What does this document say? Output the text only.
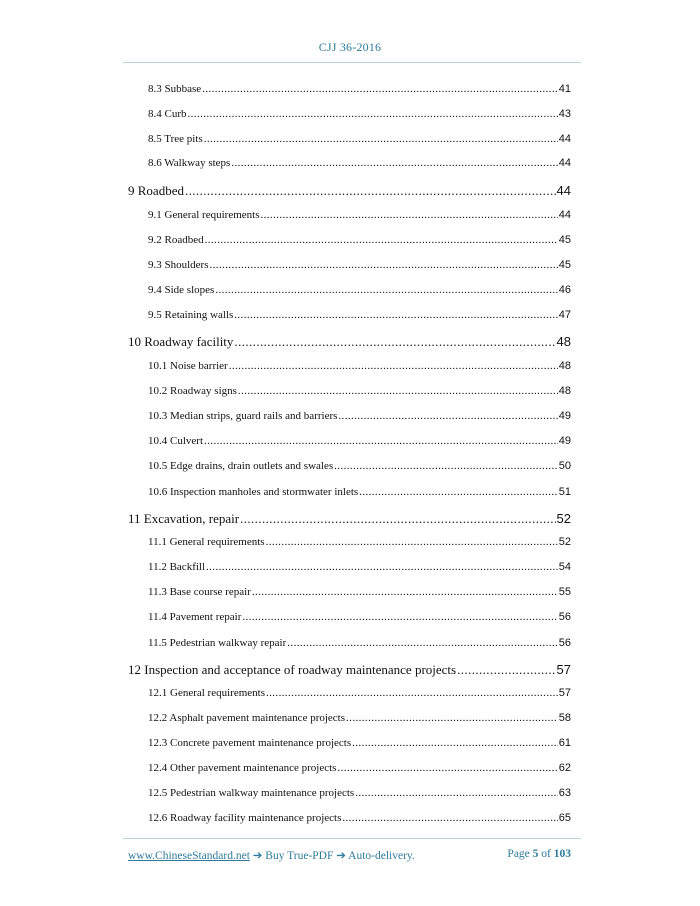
CJJ 36-2016
8.3 Subbase .....	41
8.4 Curb .....	43
8.5 Tree pits .....	44
8.6 Walkway steps .....	44
9 Roadbed .....	44
9.1 General requirements .....	44
9.2 Roadbed .....	45
9.3 Shoulders .....	45
9.4 Side slopes .....	46
9.5 Retaining walls .....	47
10 Roadway facility .....	48
10.1 Noise barrier .....	48
10.2 Roadway signs .....	48
10.3 Median strips, guard rails and barriers .....	49
10.4 Culvert .....	49
10.5 Edge drains, drain outlets and swales .....	50
10.6 Inspection manholes and stormwater inlets .....	51
11 Excavation, repair .....	52
11.1 General requirements .....	52
11.2 Backfill .....	54
11.3 Base course repair .....	55
11.4 Pavement repair .....	56
11.5 Pedestrian walkway repair .....	56
12 Inspection and acceptance of roadway maintenance projects .....	57
12.1 General requirements .....	57
12.2 Asphalt pavement maintenance projects .....	58
12.3 Concrete pavement maintenance projects .....	61
12.4 Other pavement maintenance projects .....	62
12.5 Pedestrian walkway maintenance projects .....	63
12.6 Roadway facility maintenance projects .....	65
www.ChineseStandard.net ➔ Buy True-PDF ➔ Auto-delivery.	Page 5 of 103
